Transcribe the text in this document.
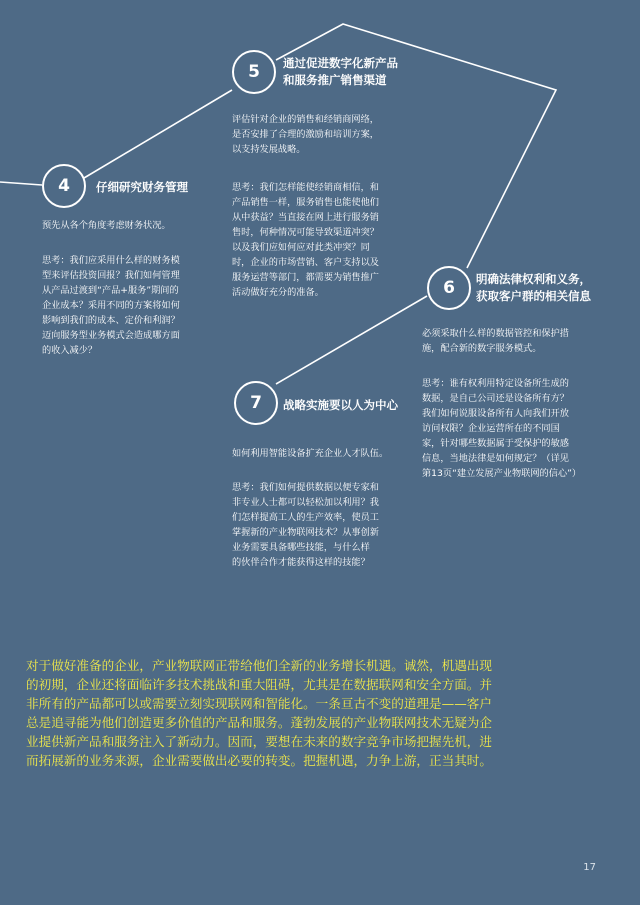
4	仔细研究财务管理
预先从各个角度考虑财务状况。
思考：我们应采用什么样的财务模
型来评估投资回报？我们如何管理
从产品过渡到“产品+服务”期间的
企业成本？采用不同的方案将如何
影响到我们的成本、定价和利润？
迈向服务型业务模式会造成哪方面
的收入减少？
5	通过促进数字化新产品
和服务推广销售渠道
评估针对企业的销售和经销商网络，
是否安排了合理的激励和培训方案，
以支持发展战略。
思考：我们怎样能使经销商相信，和
产品销售一样，服务销售也能使他们
从中获益？当直接在网上进行服务销
售时，何种情况可能导致渠道冲突？
以及我们应如何应对此类冲突？同
时，企业的市场营销、客户支持以及
服务运营等部门，都需要为销售推广
活动做好充分的准备。	6	明确法律权利和义务，
获取客户群的相关信息
必须采取什么样的数据管控和保护措
施，配合新的数字服务模式。
思考：谁有权利用特定设备所生成的
数据，是自己公司还是设备所有方？
我们如何说服设备所有人向我们开放
访问权限？企业运营所在的不同国
家，针对哪些数据属于受保护的敏感
信息，当地法律是如何规定？（详见
第13页“建立发展产业物联网的信心”）
7	战略实施要以人为中心
如何利用智能设备扩充企业人才队伍。
思考：我们如何提供数据以便专家和
非专业人士都可以轻松加以利用？我
们怎样提高工人的生产效率，使员工
掌握新的产业物联网技术？从事创新
业务需要具备哪些技能，与什么样
的伙伴合作才能获得这样的技能？
对于做好准备的企业，产业物联网正带给他们全新的业务增长机遇。诚然，机遇出现
的初期，企业还将面临许多技术挑战和重大阻碍，尤其是在数据联网和安全方面。并
非所有的产品都可以或需要立刻实现联网和智能化。一条亘古不变的道理是——客户
总是追寻能为他们创造更多价值的产品和服务。蓬勃发展的产业物联网技术无疑为企
业提供新产品和服务注入了新动力。因而，要想在未来的数字竞争市场把握先机，进
而拓展新的业务来源，企业需要做出必要的转变。把握机遇，力争上游，正当其时。
17
